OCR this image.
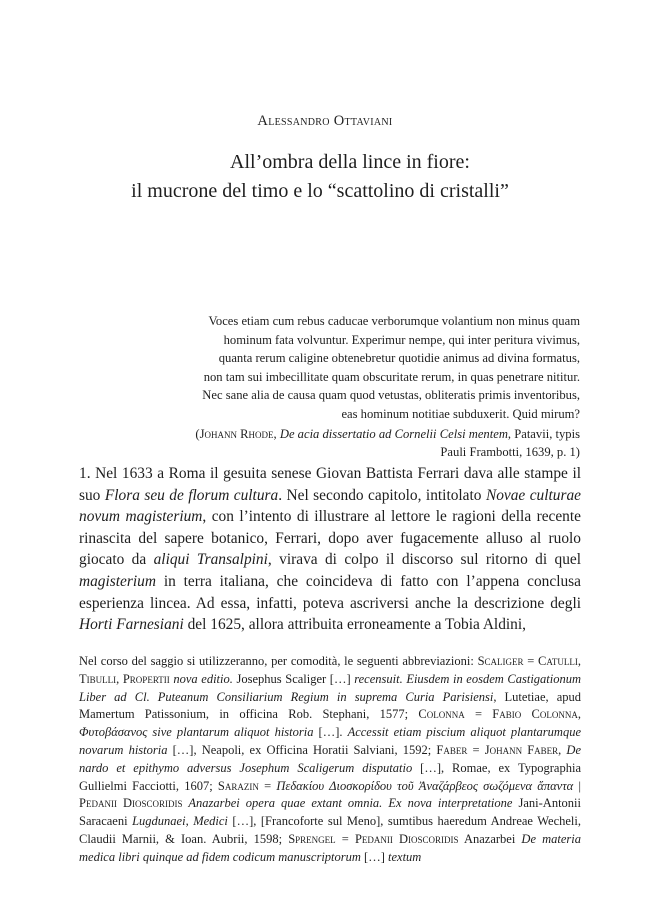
Alessandro Ottaviani
All’ombra della lince in fiore:
il mucrone del timo e lo “scattolino di cristalli”
Voces etiam cum rebus caducae verborumque volantium non minus quam
hominum fata volvuntur. Experimur nempe, qui inter peritura vivimus,
quanta rerum caligine obtenebretur quotidie animus ad divina formatus,
non tam sui imbecillitate quam obscuritate rerum, in quas penetrare nititur.
Nec sane alia de causa quam quod vetustas, obliteratis primis inventoribus,
eas hominum notitiae subduxerit. Quid mirum?
(Johann Rhode, De acia dissertatio ad Cornelii Celsi mentem, Patavii, typis
Pauli Frambotti, 1639, p. 1)

1. Nel 1633 a Roma il gesuita senese Giovan Battista Ferrari dava alle stampe il suo Flora seu de florum cultura. Nel secondo capitolo, intitolato Novae culturae novum magisterium, con l’intento di illustrare al lettore le ragioni della recente rinascita del sapere botanico, Ferrari, dopo aver fugacemente alluso al ruolo giocato da aliqui Transalpini, virava di colpo il discorso sul ritorno di quel magisterium in terra italiana, che coincideva di fatto con l’appena conclusa esperienza lincea. Ad essa, infatti, poteva ascriversi anche la descrizione degli Horti Farnesiani del 1625, allora attribuita erroneamente a Tobia Aldini,

Nel corso del saggio si utilizzeranno, per comodità, le seguenti abbreviazioni: Scaliger = Catulli, Tibulli, Propertii nova editio. Josephus Scaliger […] recensuit. Eiusdem in eosdem Castigationum Liber ad Cl. Puteanum Consiliarium Regium in suprema Curia Parisiensi, Lutetiae, apud Mamertum Patissonium, in officina Rob. Stephani, 1577; Colonna = Fabio Colonna, Φυτοβάσανος sive plantarum aliquot historia […]. Accessit etiam piscium aliquot plantarumque novarum historia […], Neapoli, ex Officina Horatii Salviani, 1592; Faber = Johann Faber, De nardo et epithymo adversus Josephum Scaligerum disputatio […], Romae, ex Typographia Gullielmi Facciotti, 1607; Sarazin = Πεδακίου Διοσκορίδου τοῦ Ἀναζάρβεος σωζόμενα ἅπαντα | Pedanii Dioscoridis Anazarbei opera quae extant omnia. Ex nova interpretatione Jani-Antonii Saracaeni Lugdunaei, Medici […], [Francoforte sul Meno], sumtibus haeredum Andreae Wecheli, Claudii Marnii, & Ioan. Aubrii, 1598; Sprengel = Pedanii Dioscoridis Anazarbei De materia medica libri quinque ad fidem codicum manuscriptorum […] textum
